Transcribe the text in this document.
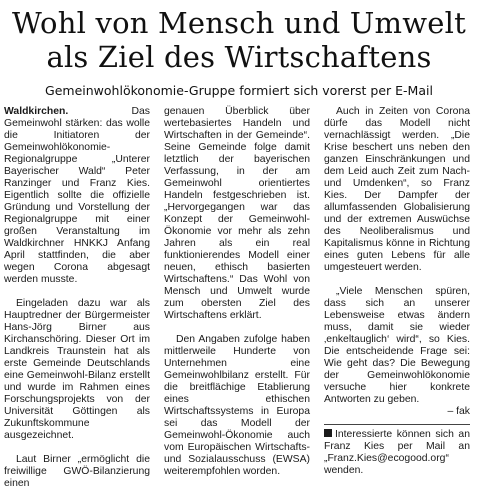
Wohl von Mensch und Umwelt
als Ziel des Wirtschaftens
Gemeinwohlökonomie-Gruppe formiert sich vorerst per E-Mail

Waldkirchen. Das Gemeinwohl stärken: das wolle die Initiatoren der Gemeinwohlökonomie-Regionalgruppe „Unterer Bayerischer Wald“ Peter Ranzinger und Franz Kies. Eigentlich sollte die offizielle Gründung und Vorstellung der Regionalgruppe mit einer großen Veranstaltung im Waldkirchner HNKKJ Anfang April stattfinden, die aber wegen Corona abgesagt werden musste.

Eingeladen dazu war als Hauptredner der Bürgermeister Hans-Jörg Birner aus Kirchanschöring. Dieser Ort im Landkreis Traunstein hat als erste Gemeinde Deutschlands eine Gemeinwohl-Bilanz erstellt und wurde im Rahmen eines Forschungsprojekts von der Universität Göttingen als Zukunftskommune ausgezeichnet.

Laut Birner „ermöglicht die freiwillige GWÖ-Bilanzierung einen

genauen Überblick über wertebasiertes Handeln und Wirtschaften in der Gemeinde“. Seine Gemeinde folge damit letztlich der bayerischen Verfassung, in der am Gemeinwohl orientiertes Handeln festgeschrieben ist. „Hervorgegangen war das Konzept der Gemeinwohl-Ökonomie vor mehr als zehn Jahren als ein real funktionierendes Modell einer neuen, ethisch basierten Wirtschaftens.“ Das Wohl von Mensch und Umwelt wurde zum obersten Ziel des Wirtschaftens erklärt.

Den Angaben zufolge haben mittlerweile Hunderte von Unternehmen eine Gemeinwohlbilanz erstellt. Für die breitflächige Etablierung eines ethischen Wirtschaftssystems in Europa sei das Modell der Gemeinwohl-Ökonomie auch vom Europäischen Wirtschafts- und Sozialausschuss (EWSA) weiterempfohlen worden.

Auch in Zeiten von Corona dürfe das Modell nicht vernachlässigt werden. „Die Krise beschert uns neben den ganzen Einschränkungen und dem Leid auch Zeit zum Nach- und Umdenken“, so Franz Kies. Der Dampfer der allumfassenden Globalisierung und der extremen Auswüchse des Neoliberalismus und Kapitalismus könne in Richtung eines guten Lebens für alle umgesteuert werden.

„Viele Menschen spüren, dass sich an unserer Lebensweise etwas ändern muss, damit sie wieder ‚enkeltauglich‘ wird“, so Kies. Die entscheidende Frage sei: Wie geht das? Die Bewegung der Gemeinwohlökonomie versuche hier konkrete Antworten zu geben.

– fak
Interessierte können sich an Franz Kies per Mail an „Franz.Kies@ecogood.org“ wenden.
